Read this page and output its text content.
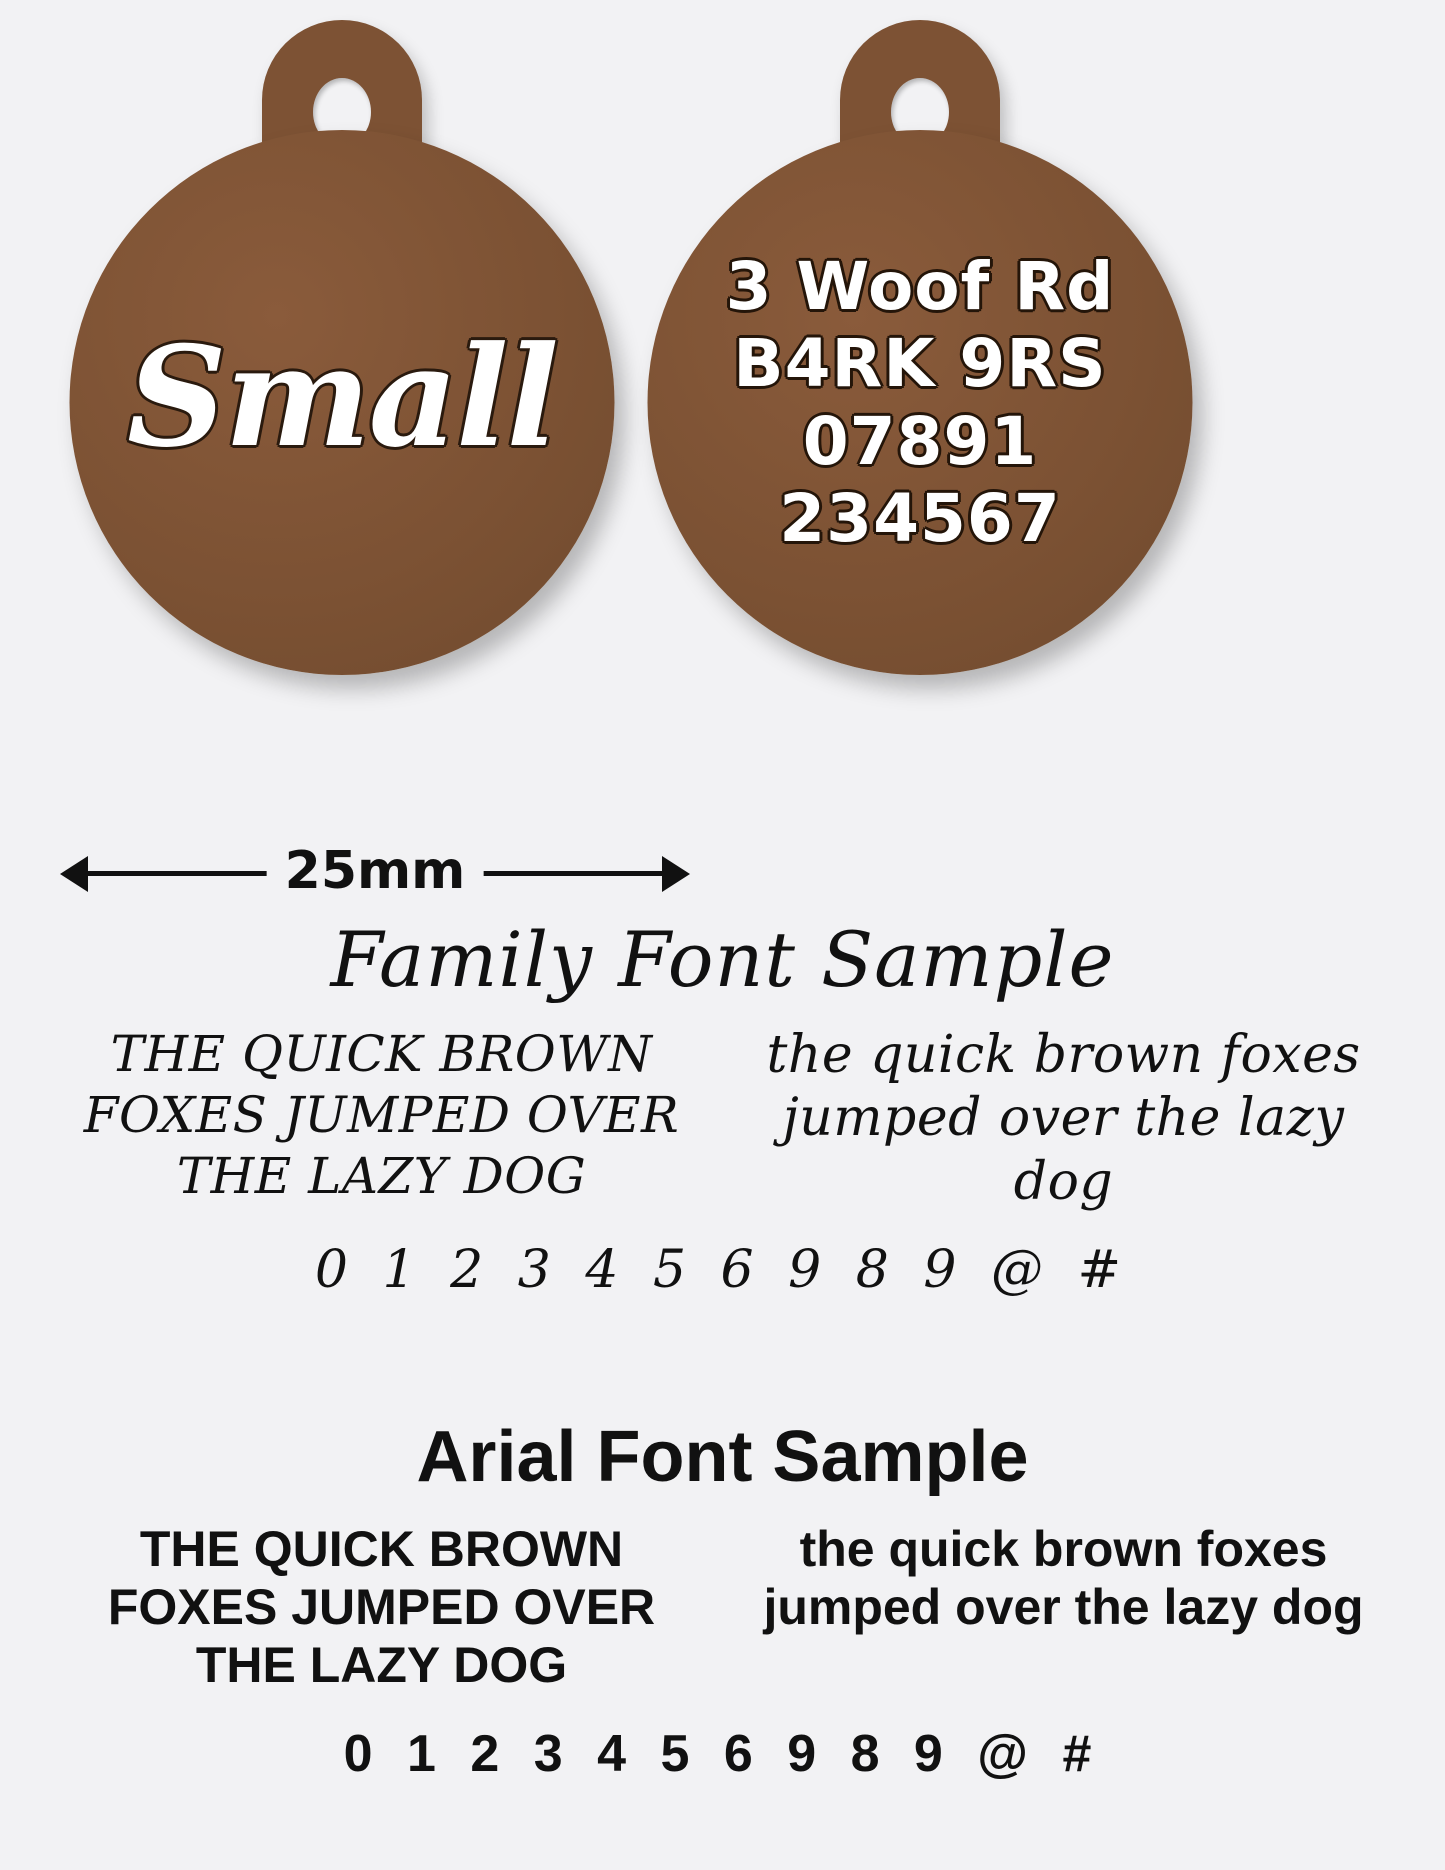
Small
3 Woof Rd
B4RK 9RS
07891
234567
25mm
Family Font Sample
THE QUICK BROWN FOXES JUMPED OVER THE LAZY DOG
the quick brown foxes jumped over the lazy dog
0 1 2 3 4 5 6 9 8 9 @ #
Arial Font Sample
THE QUICK BROWN FOXES JUMPED OVER THE LAZY DOG
the quick brown foxes jumped over the lazy dog
0 1 2 3 4 5 6 9 8 9 @ #
